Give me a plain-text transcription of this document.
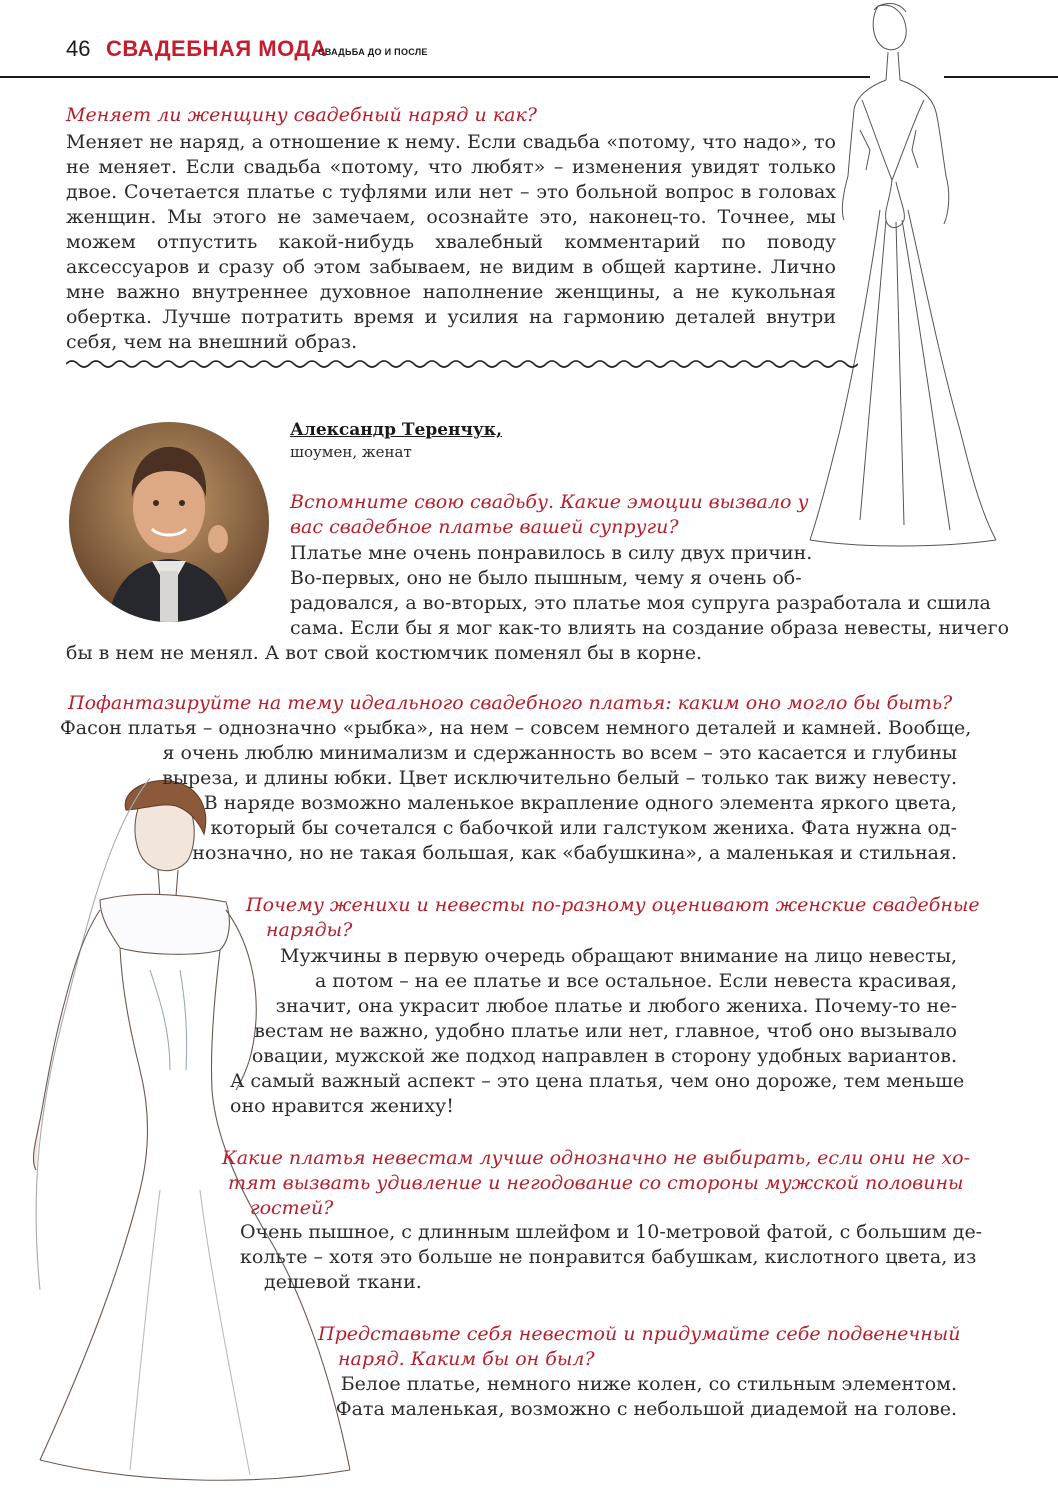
46 СВАДЕБНАЯ МОДА
СВАДЬБА ДО И ПОСЛЕ
Меняет ли женщину свадебный наряд и как?
Меняет не наряд, а отношение к нему. Если свадьба «потому, что надо», то не меняет. Если свадьба «потому, что любят» – изменения увидят только двое. Сочетается платье с туфлями или нет – это больной вопрос в головах женщин. Мы этого не замечаем, осознайте это, наконец-то. Точнее, мы можем отпустить какой-нибудь хвалебный комментарий по поводу аксессуаров и сразу об этом забываем, не видим в общей картине. Лично мне важно внутреннее духовное наполнение женщины, а не кукольная обертка. Лучше потратить время и усилия на гармонию деталей внутри себя, чем на внешний образ.
Александр Теренчук,
шоумен, женат
Вспомните свою свадьбу. Какие эмоции вызвало у вас свадебное платье вашей супруги?

Платье мне очень понравилось в силу двух причин.

Во-первых, оно не было пышным, чему я очень об-

радовался, а во-вторых, это платье моя супруга разработала и сшила

сама. Если бы я мог как-то влиять на создание образа невесты, ничего

бы в нем не менял. А вот свой костюмчик поменял бы в корне.
Пофантазируйте на тему идеального свадебного платья: каким оно могло бы быть?

Фасон платья – однозначно «рыбка», на нем – совсем немного деталей и камней. Вообще,

я очень люблю минимализм и сдержанность во всем – это касается и глубины

выреза, и длины юбки. Цвет исключительно белый – только так вижу невесту.

В наряде возможно маленькое вкрапление одного элемента яркого цвета,

который бы сочетался с бабочкой или галстуком жениха. Фата нужна од-

нозначно, но не такая большая, как «бабушкина», а маленькая и стильная.

Почему женихи и невесты по-разному оценивают женские свадебные

наряды?

Мужчины в первую очередь обращают внимание на лицо невесты,

а потом – на ее платье и все остальное. Если невеста красивая,

значит, она украсит любое платье и любого жениха. Почему-то не-

вестам не важно, удобно платье или нет, главное, чтоб оно вызывало

овации, мужской же подход направлен в сторону удобных вариантов.

А самый важный аспект – это цена платья, чем оно дороже, тем меньше

оно нравится жениху!

Какие платья невестам лучше однозначно не выбирать, если они не хо-

тят вызвать удивление и негодование со стороны мужской половины

гостей?

Очень пышное, с длинным шлейфом и 10-метровой фатой, с большим де-

кольте – хотя это больше не понравится бабушкам, кислотного цвета, из

дешевой ткани.

Представьте себя невестой и придумайте себе подвенечный

наряд. Каким бы он был?

Белое платье, немного ниже колен, со стильным элементом.

Фата маленькая, возможно с небольшой диадемой на голове.
